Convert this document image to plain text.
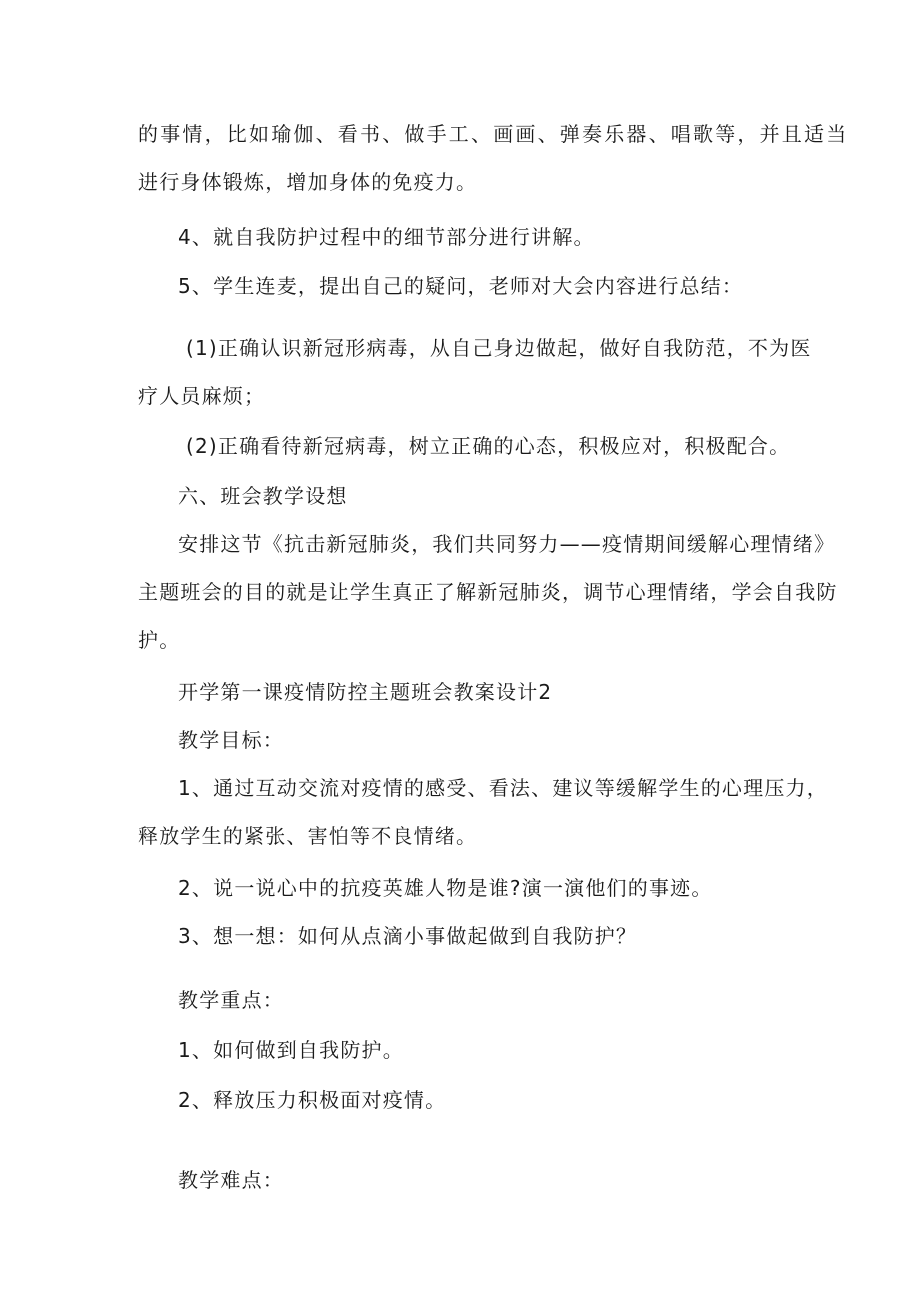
的事情，比如瑜伽、看书、做手工、画画、弹奏乐器、唱歌等，并且适当
进行身体锻炼，增加身体的免疫力。
4、就自我防护过程中的细节部分进行讲解。
5、学生连麦，提出自己的疑问，老师对大会内容进行总结：
(1)正确认识新冠形病毒，从自己身边做起，做好自我防范，不为医
疗人员麻烦；
(2)正确看待新冠病毒，树立正确的心态，积极应对，积极配合。
六、班会教学设想
安排这节《抗击新冠肺炎，我们共同努力——疫情期间缓解心理情绪》
主题班会的目的就是让学生真正了解新冠肺炎，调节心理情绪，学会自我防
护。
开学第一课疫情防控主题班会教案设计2
教学目标：
1、通过互动交流对疫情的感受、看法、建议等缓解学生的心理压力，
释放学生的紧张、害怕等不良情绪。
2、说一说心中的抗疫英雄人物是谁?演一演他们的事迹。
3、想一想：如何从点滴小事做起做到自我防护？
教学重点：
1、如何做到自我防护。
2、释放压力积极面对疫情。
教学难点：
